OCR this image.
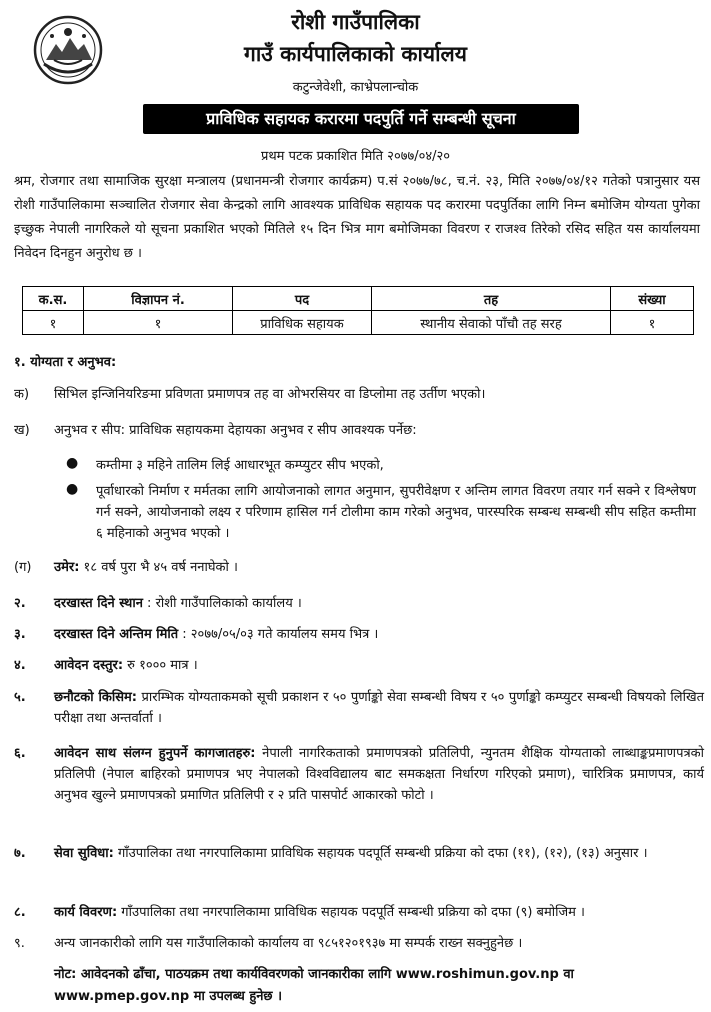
रोशी गाउँपालिका
गाउँ कार्यपालिकाको कार्यालय
कटुन्जेवेशी, काभ्रेपलान्चोक
प्राविधिक सहायक करारमा पदपुर्ति गर्ने सम्बन्धी सूचना
प्रथम पटक प्रकाशित मिति २०७७/०४/२०

श्रम, रोजगार तथा सामाजिक सुरक्षा मन्त्रालय (प्रधानमन्त्री रोजगार कार्यक्रम) प.सं २०७७/७८, च.नं. २३, मिति २०७७/०४/१२ गतेको पत्रानुसार यस रोशी गाउँपालिकामा सञ्चालित रोजगार सेवा केन्द्रको लागि आवश्यक प्राविधिक सहायक पद करारमा पदपुर्तिका लागि निम्न बमोजिम योग्यता पुगेका इच्छुक नेपाली नागरिकले यो सूचना प्रकाशित भएको मितिले १५ दिन भित्र माग बमोजिमका विवरण र राजश्व तिरेको रसिद सहित यस कार्यालयमा निवेदन दिनहुन अनुरोध छ ।

क.स.	विज्ञापन नं.	पद	तह	संख्या
१	१	प्राविधिक सहायक	स्थानीय सेवाको पाँचौ तह सरह	१
१. योग्यता र अनुभव:
क) सिभिल इन्जिनियरिङमा प्रविणता प्रमाणपत्र तह वा ओभरसियर वा डिप्लोमा तह उर्तीण भएको।
ख) अनुभव र सीप: प्राविधिक सहायकमा देहायका अनुभव र सीप आवश्यक पर्नेछ:
● कम्तीमा ३ महिने तालिम लिई आधारभूत कम्प्युटर सीप भएको,
● पूर्वाधारको निर्माण र मर्मतका लागि आयोजनाको लागत अनुमान, सुपरीवेक्षण र अन्तिम लागत विवरण तयार गर्न सक्ने र विश्लेषण गर्न सक्ने, आयोजनाको लक्ष्य र परिणाम हासिल गर्न टोलीमा काम गरेको अनुभव, पारस्परिक सम्बन्ध सम्बन्धी सीप सहित कम्तीमा ६ महिनाको अनुभव भएको ।
(ग) उमेर: १८ वर्ष पुरा भै ४५ वर्ष ननाघेको ।
२. दरखास्त दिने स्थान : रोशी गाउँपालिकाको कार्यालय ।
३. दरखास्त दिने अन्तिम मिति : २०७७/०५/०३ गते कार्यालय समय भित्र ।
४. आवेदन दस्तुर: रु १००० मात्र ।
५. छनौटको किसिम: प्रारम्भिक योग्यताकमको सूची प्रकाशन र ५० पुर्णाङ्को सेवा सम्बन्धी विषय र ५० पुर्णाङ्को कम्प्युटर सम्बन्धी विषयको लिखित परीक्षा तथा अन्तर्वार्ता ।
६. आवेदन साथ संलग्न हुनुपर्ने कागजातहरु: नेपाली नागरिकताको प्रमाणपत्रको प्रतिलिपी, न्युनतम शैक्षिक योग्यताको लाब्धाङ्कप्रमाणपत्रको प्रतिलिपी (नेपाल बाहिरको प्रमाणपत्र भए नेपालको विश्वविद्यालय बाट समकक्षता निर्धारण गरिएको प्रमाण), चारित्रिक प्रमाणपत्र, कार्य अनुभव खुल्ने प्रमाणपत्रको प्रमाणित प्रतिलिपी र २ प्रति पासपोर्ट आकारको फोटो ।
७. सेवा सुविधा: गाँउपालिका तथा नगरपालिकामा प्राविधिक सहायक पदपूर्ति सम्बन्धी प्रक्रिया को दफा (११), (१२), (१३) अनुसार ।
८. कार्य विवरण: गाँउपालिका तथा नगरपालिकामा प्राविधिक सहायक पदपूर्ति सम्बन्धी प्रक्रिया को दफा (९) बमोजिम ।
९. अन्य जानकारीको लागि यस गाउँपालिकाको कार्यालय वा ९८५१२०१९३७ मा सम्पर्क राख्न सक्नुहुनेछ ।
नोट: आवेदनको ढाँचा, पाठयक्रम तथा कार्यविवरणको जानकारीका लागि www.roshimun.gov.np वा www.pmep.gov.np मा उपलब्ध हुनेछ ।
